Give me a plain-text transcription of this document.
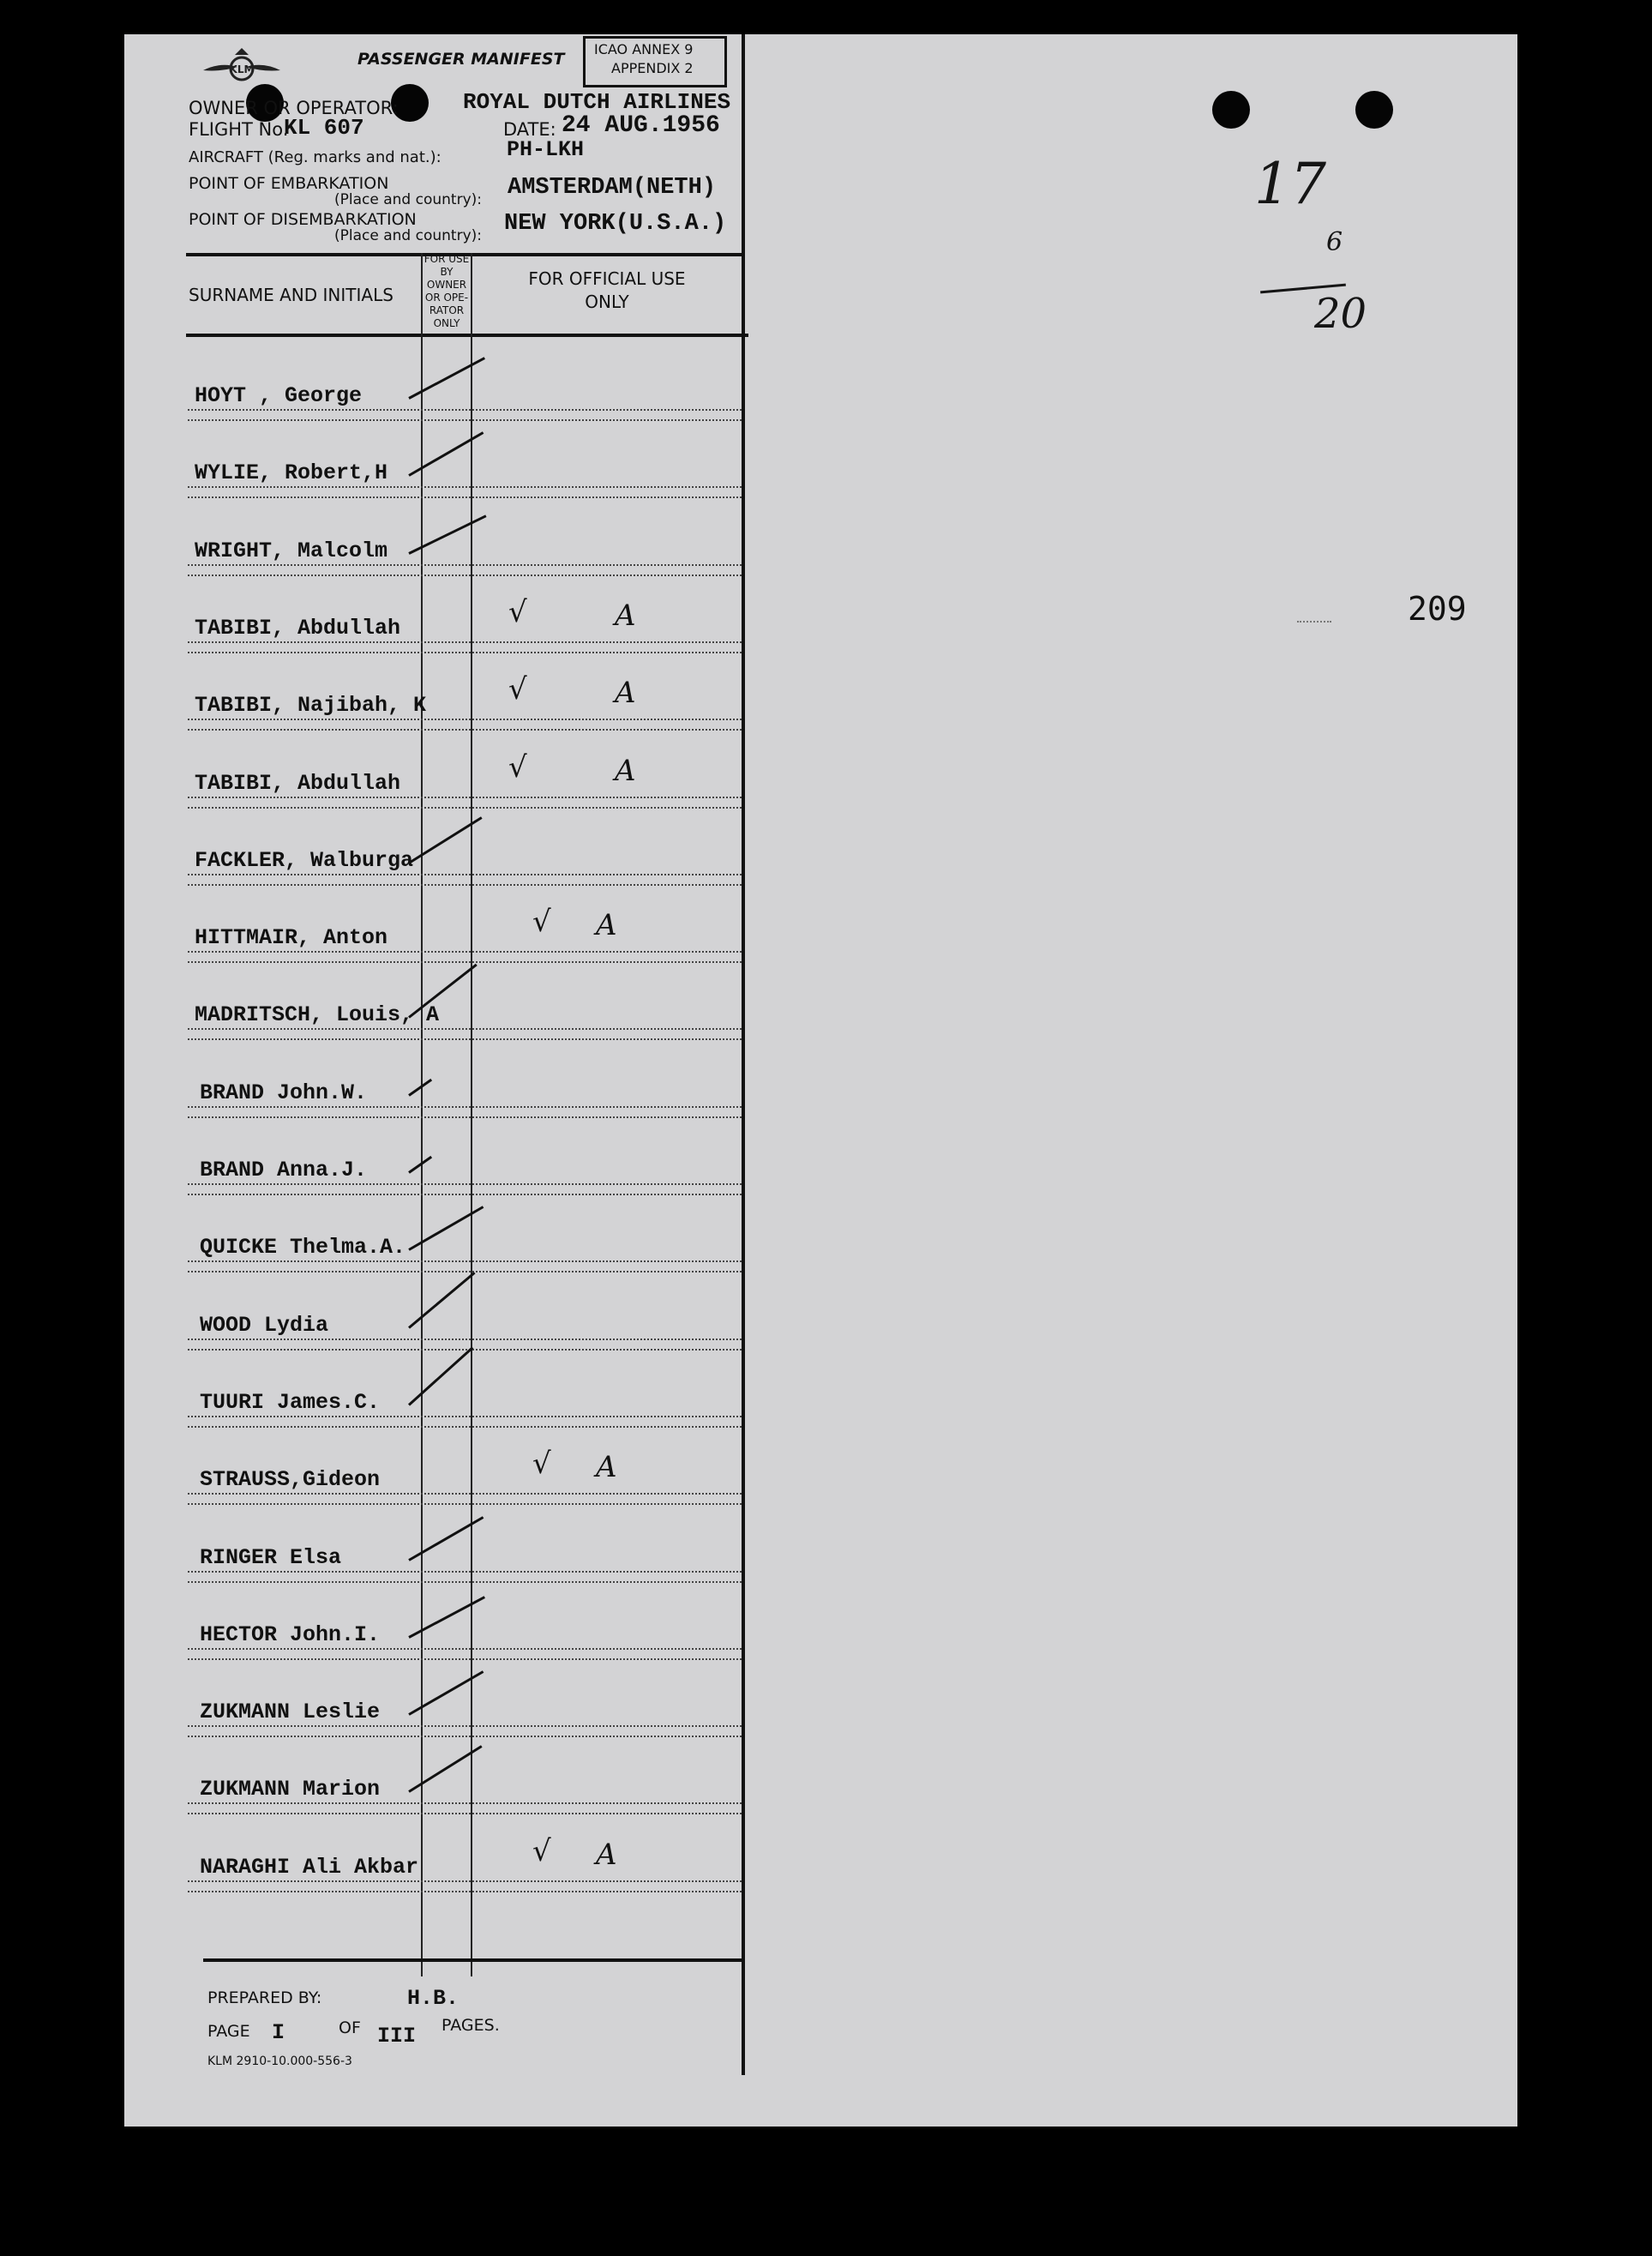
KLM
PASSENGER MANIFEST
ICAO ANNEX 9
APPENDIX 2
OWNER OR OPERATOR:	ROYAL DUTCH AIRLINES
FLIGHT No.
KL 607	DATE: 24 AUG.1956
AIRCRAFT (Reg. marks and nat.):	PH-LKH
POINT OF EMBARKATION
(Place and country): AMSTERDAM(NETH)
POINT OF DISEMBARKATION
(Place and country): NEW YORK(U.S.A.)
SURNAME AND INITIALS
FOR USE
BY
OWNER
OR OPE-
RATOR
ONLY
FOR OFFICIAL USE
ONLY
HOYT , George
WYLIE, Robert,H
WRIGHT, Malcolm
TABIBI, Abdullah	√	A
TABIBI, Najibah, K	√	A
TABIBI, Abdullah	√	A
FACKLER, Walburga
HITTMAIR, Anton	√ A
MADRITSCH, Louis, A
BRAND John.W.
BRAND Anna.J.
QUICKE Thelma.A.
WOOD Lydia
TUURI James.C.
STRAUSS,Gideon	√ A
RINGER Elsa
HECTOR John.I.
ZUKMANN Leslie
ZUKMANN Marion
NARAGHI Ali Akbar	√ A
PREPARED BY:	H.B.
PAGE I	OF III PAGES.
KLM 2910-10.000-556-3
17
6
20
209
